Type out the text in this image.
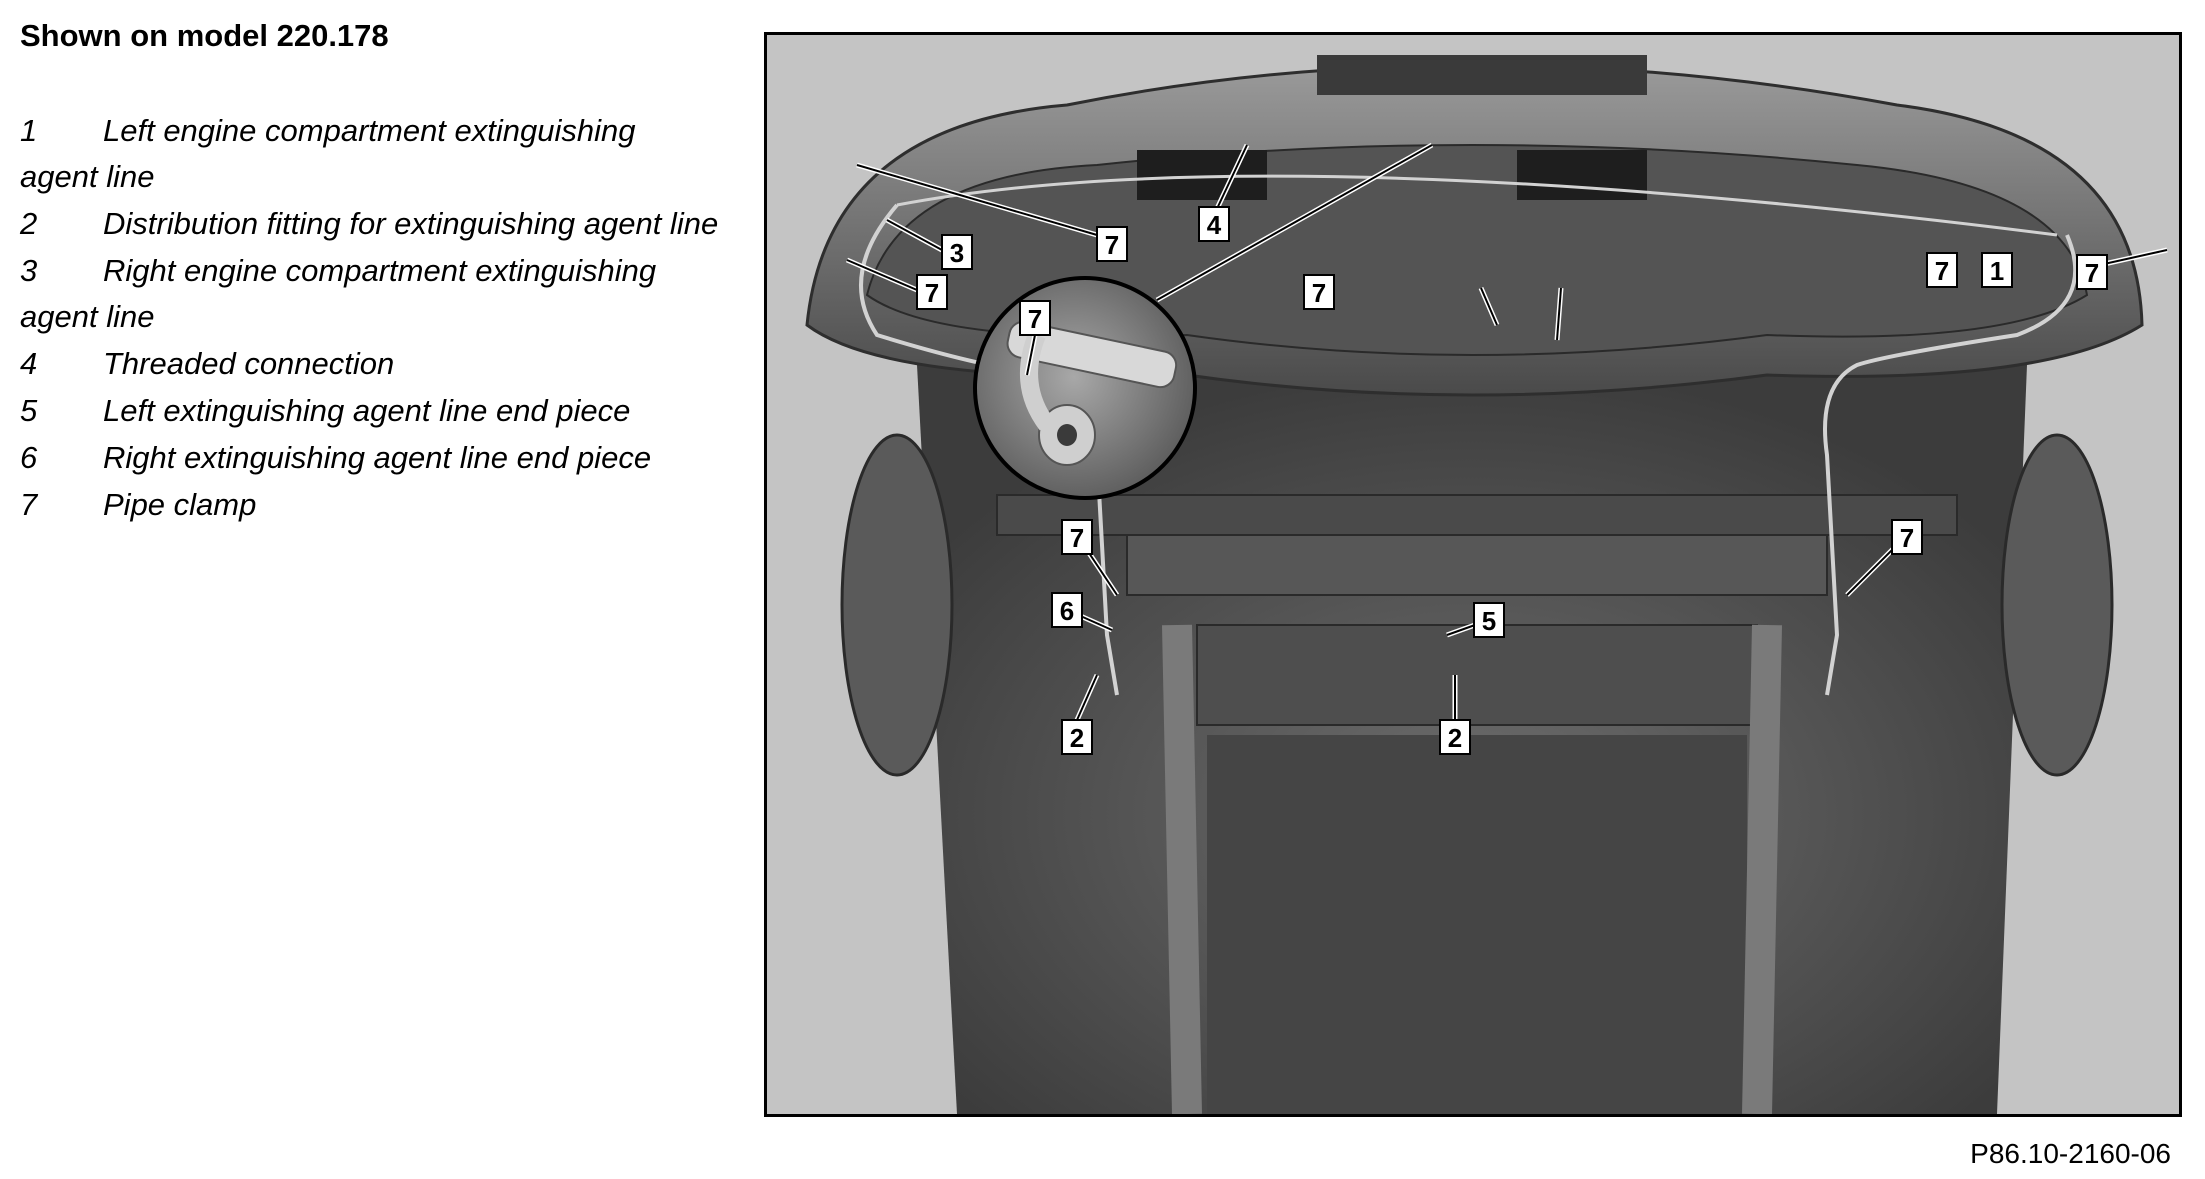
Shown on model 220.178
1 Left engine compartment extinguishing agent line
2 Distribution fitting for extinguishing agent line
3 Right engine compartment extinguishing agent line
4 Threaded connection
5 Left extinguishing agent line end piece
6 Right extinguishing agent line end piece
7 Pipe clamp
3
7
7
4
7
7
7 1	7
7	7
6	5
2	2
P86.10-2160-06
